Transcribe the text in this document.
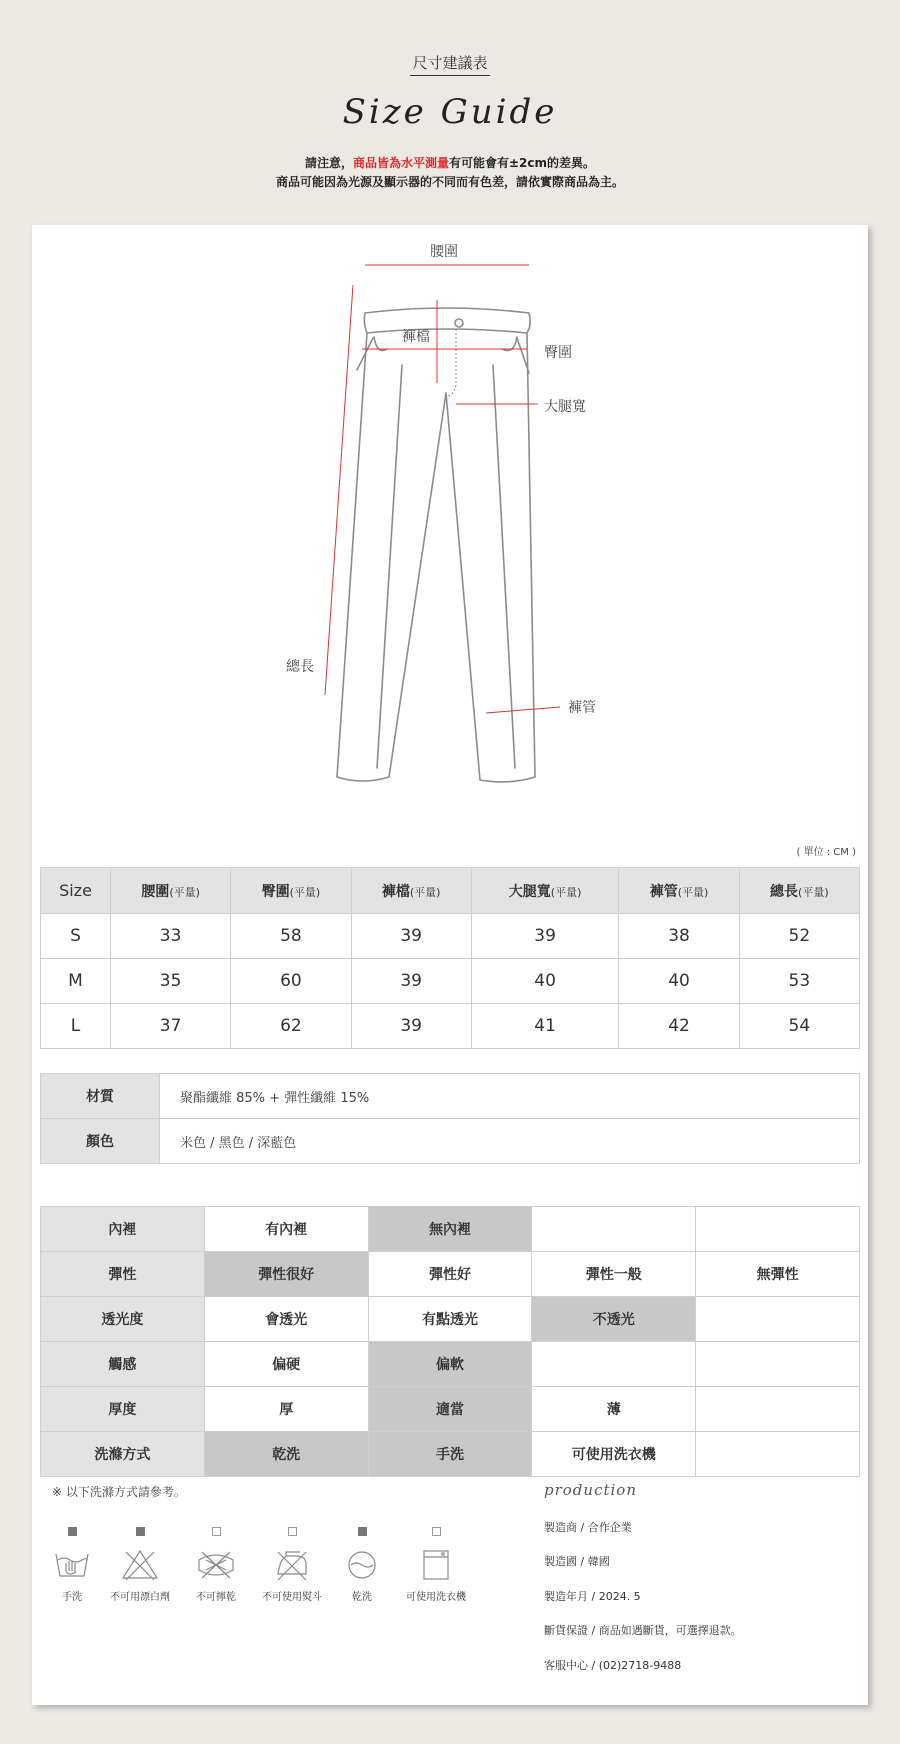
尺寸建議表
Size Guide
請注意，商品皆為水平測量有可能會有±2cm的差異。
商品可能因為光源及顯示器的不同而有色差，請依實際商品為主。
腰圍
褲檔
臀圍
大腿寬
總長
褲管
( 單位 : CM )
Size	腰圍(平量)	臀圍(平量)	褲檔(平量)	大腿寬(平量)	褲管(平量)	總長(平量)
S	33	58	39	39	38	52
M	35	60	39	40	40	53
L	37	62	39	41	42	54
材質	聚酯纖維 85% + 彈性纖維 15%
顏色	米色 / 黑色 / 深藍色
內裡	有內裡	無內裡		
彈性	彈性很好	彈性好	彈性一般	無彈性
透光度	會透光	有點透光	不透光	
觸感	偏硬	偏軟		
厚度	厚	適當	薄	
洗滌方式	乾洗	手洗	可使用洗衣機	
※ 以下洗滌方式請參考。
手洗	不可用漂白劑	不可擰乾	不可使用熨斗	乾洗	可使用洗衣機
production
製造商 / 合作企業
製造國 / 韓國
製造年月 / 2024. 5
斷貨保證 / 商品如遇斷貨，可選擇退款。
客服中心 / (02)2718-9488
